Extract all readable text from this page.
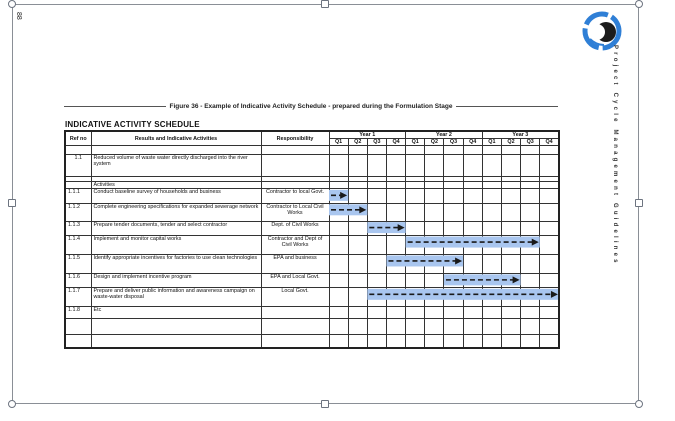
88
Project Cycle Management Guidelines
Figure 36 - Example of Indicative Activity Schedule - prepared during the Formulation Stage
INDICATIVE ACTIVITY SCHEDULE
Ref no	Results and Indicative Activities	Responsibility	Year 1				Year 2				Year 3			
			Q1	Q2	Q3	Q4	Q1	Q2	Q3	Q4	Q1	Q2	Q3	Q4

1.1	Reduced volume of waste water directly discharged into the river system													

	Activities													
1.1.1	Conduct baseline survey of households and business	Contractor to local Govt.												
1.1.2	Complete engineering specifications for expanded sewerage network	Contractor to Local Civil Works												
1.1.3	Prepare tender documents, tender and select contractor	Dept. of Civil Works												
1.1.4	Implement and monitor capital works	Contractor and Dept of Civil Works												
1.1.5	Identify appropriate incentives for factories to use clean technologies	EPA and business												
1.1.6	Design and implement incentive program	EPA and Local Govt.												
1.1.7	Prepare and deliver public information and awareness campaign on waste-water disposal	Local Govt.												
1.1.8	Etc													
